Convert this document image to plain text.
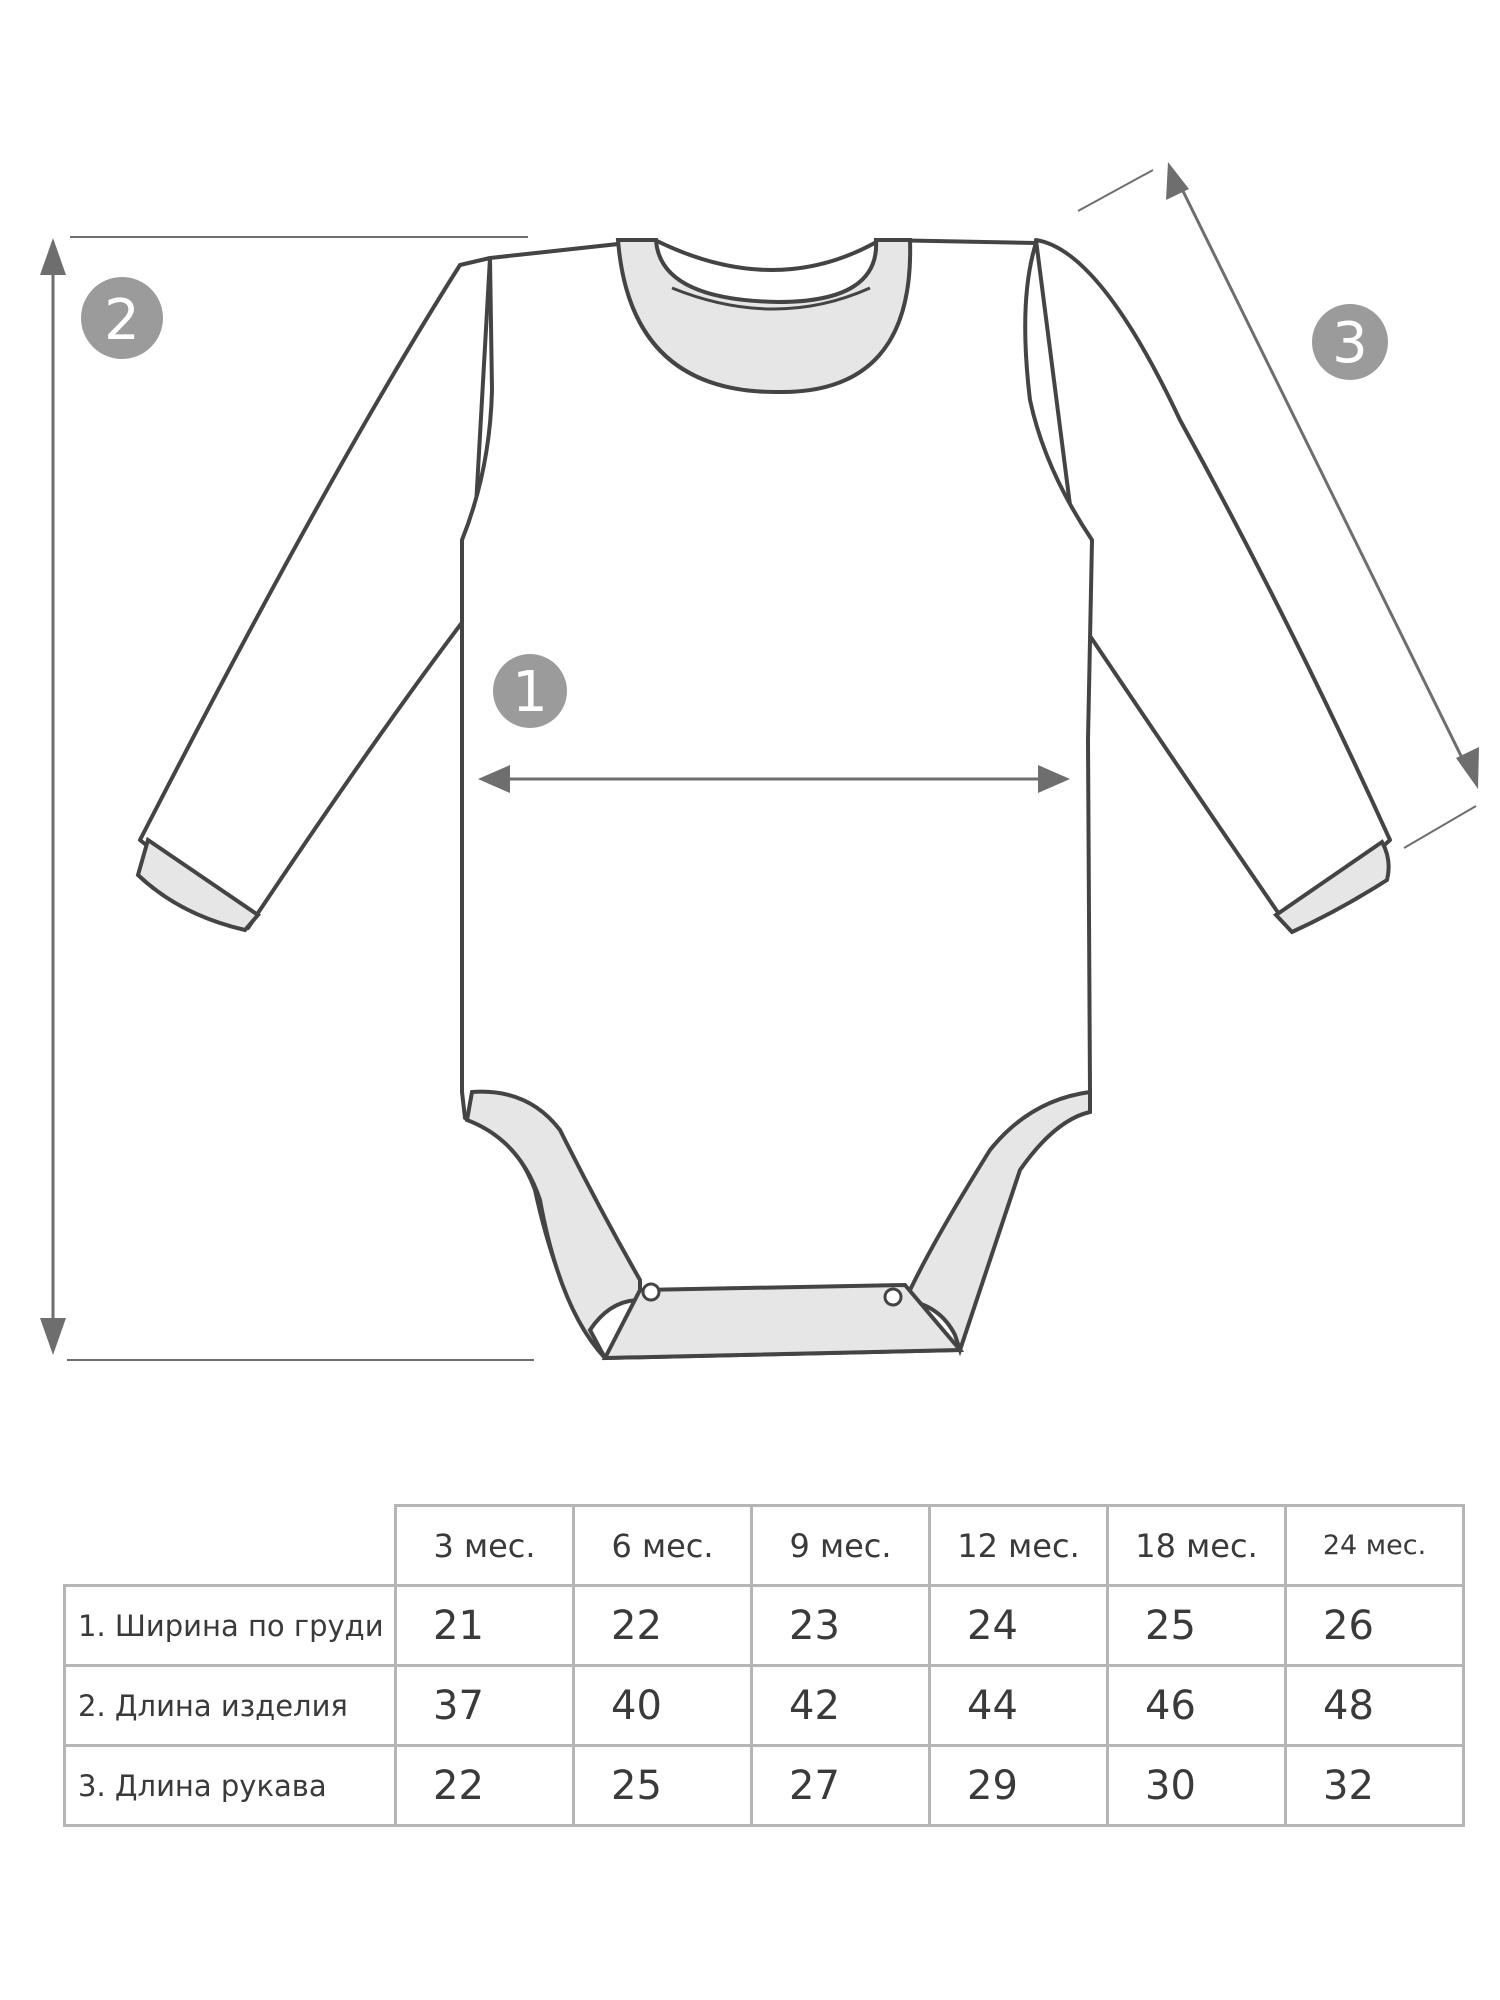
1
2	3
	3 мес.	6 мес.	9 мес.	12 мес.	18 мес.	24 мес.
1. Ширина по груди	21	22	23	24	25	26
2. Длина изделия	37	40	42	44	46	48
3. Длина рукава	22	25	27	29	30	32
